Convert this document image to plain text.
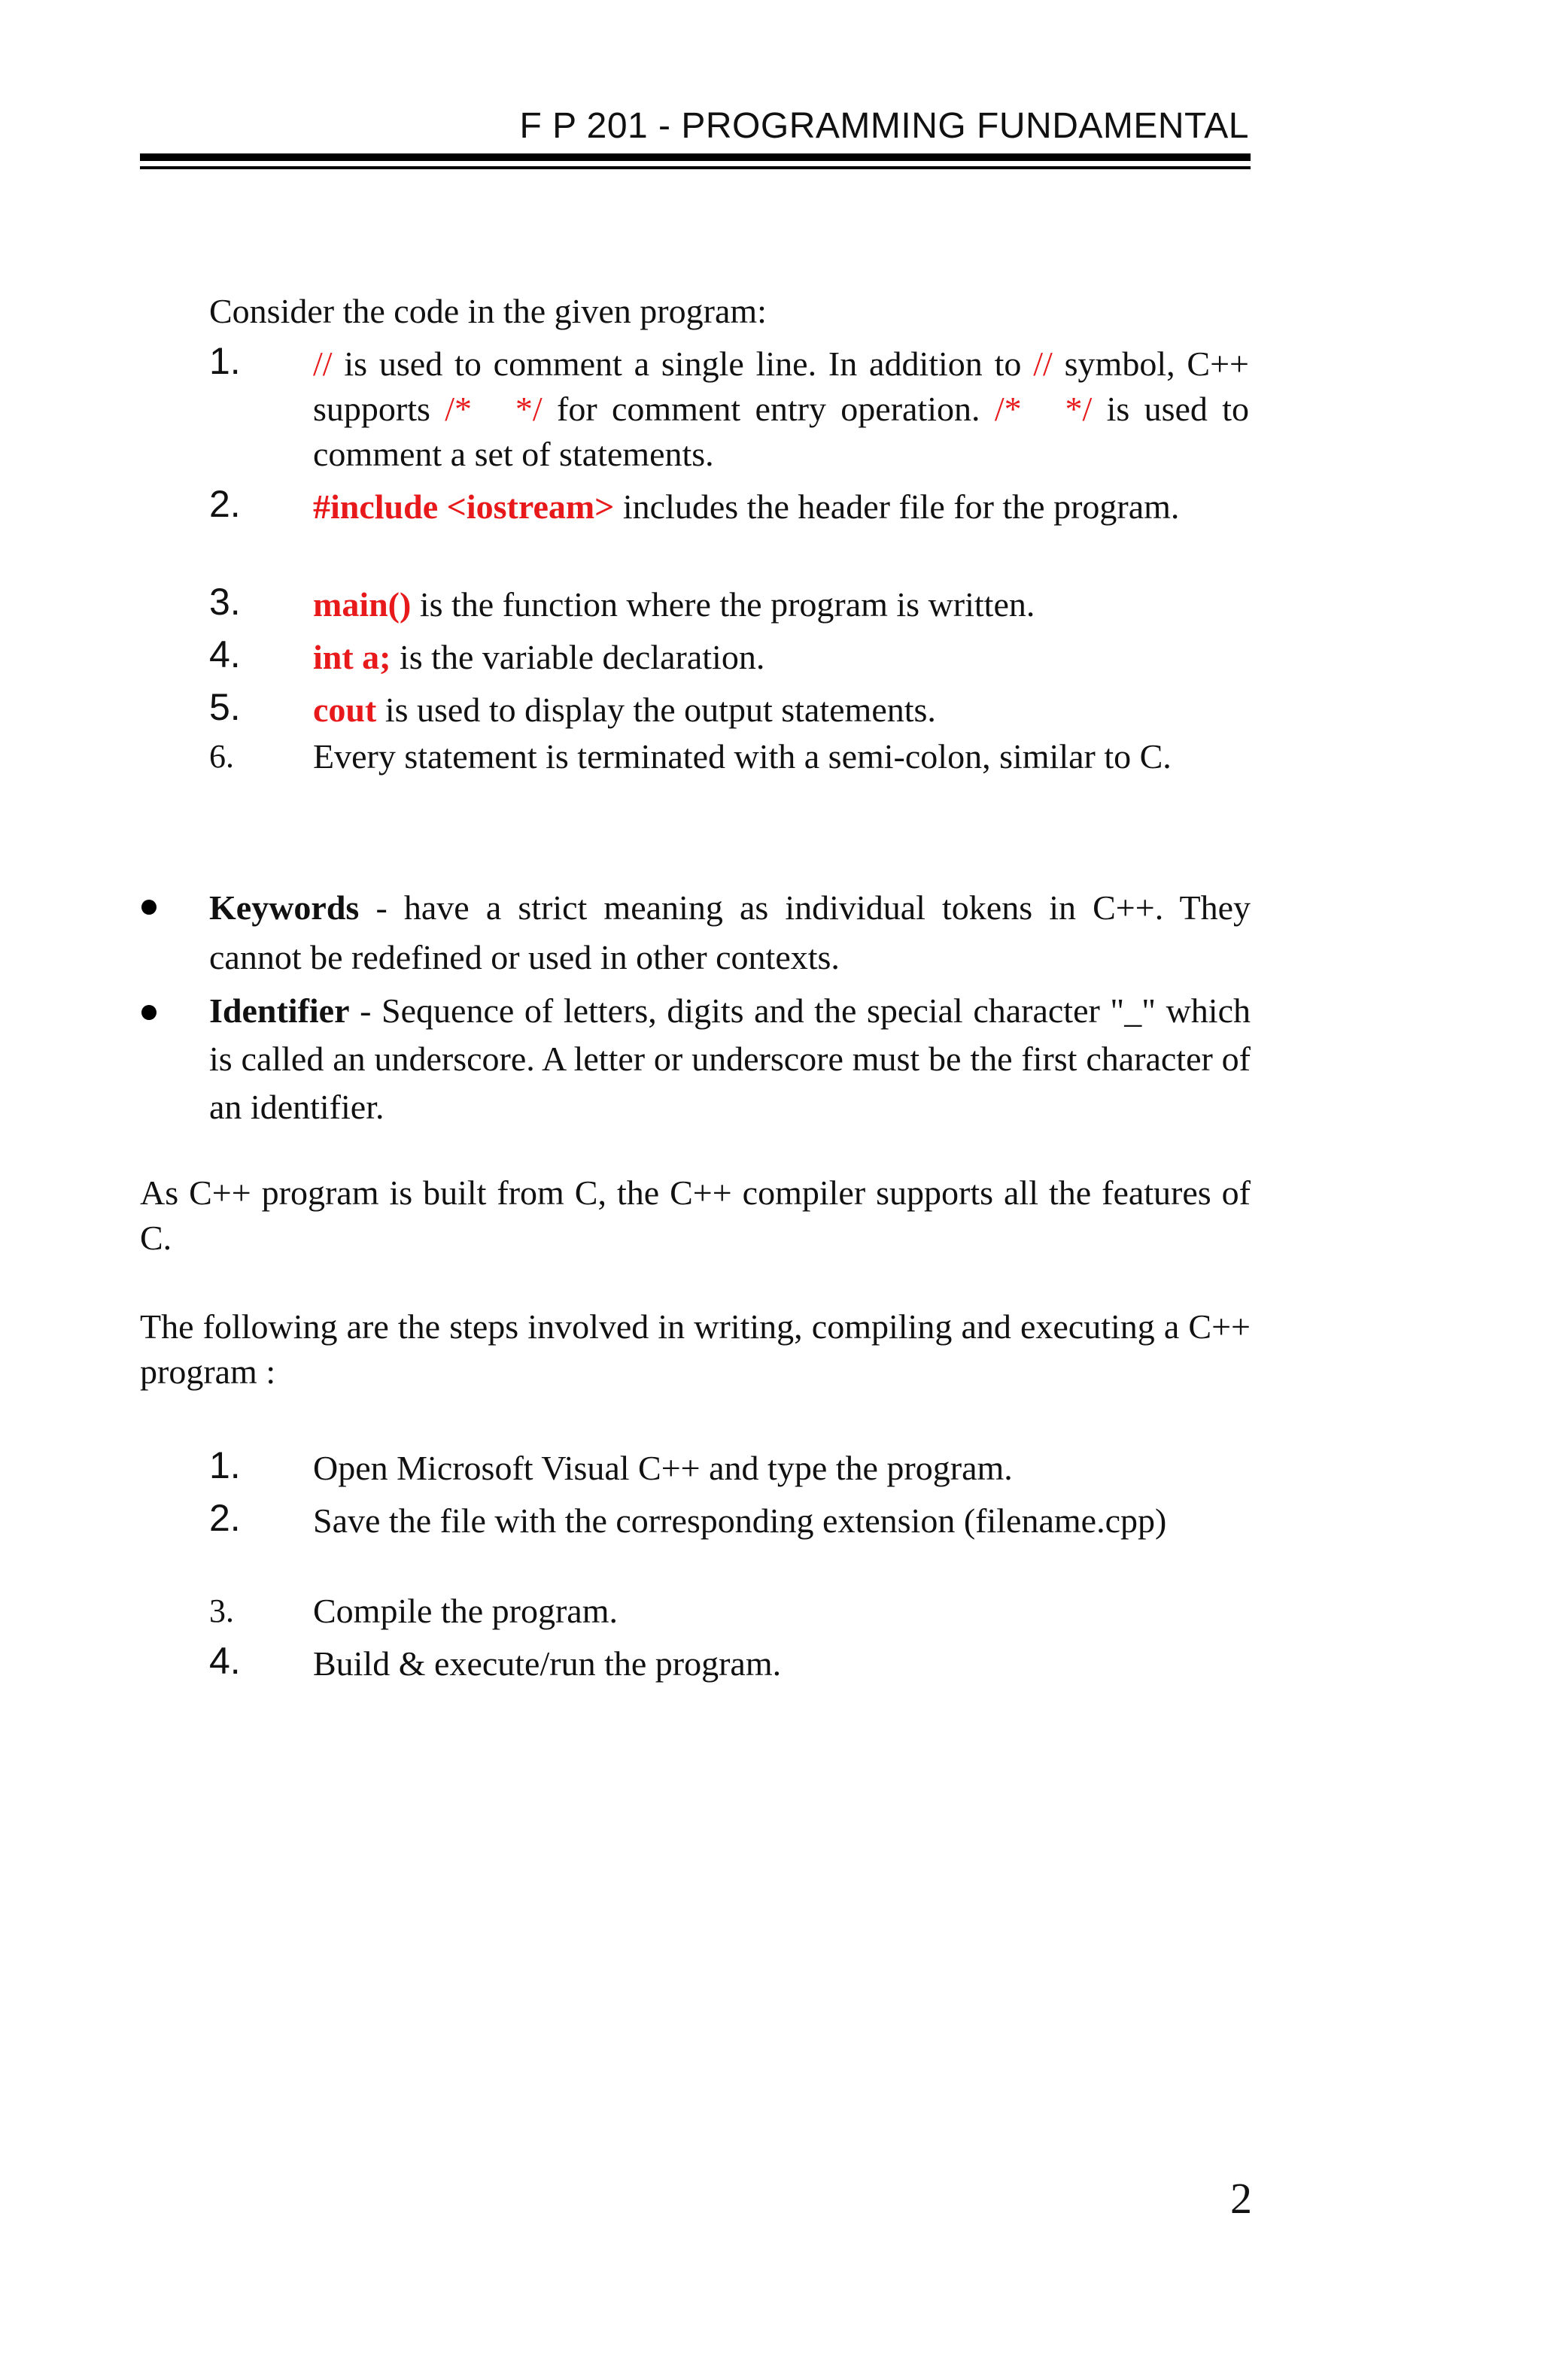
F P 201 - PROGRAMMING FUNDAMENTAL
Consider the code in the given program:
1. // is used to comment a single line. In addition to // symbol, C++ supports /*   */ for comment entry operation. /*   */ is used to comment a set of statements.
2. #include <iostream> includes the header file for the program.
3. main() is the function where the program is written.
4. int a; is the variable declaration.
5. cout is used to display the output statements.
6. Every statement is terminated with a semi-colon, similar to C.
Keywords - have a strict meaning as individual tokens in C++. They cannot be redefined or used in other contexts.
Identifier - Sequence of letters, digits and the special character "_" which is called an underscore. A letter or underscore must be the first character of an identifier.
As C++ program is built from C, the C++ compiler supports all the features of C.
The following are the steps involved in writing, compiling and executing a C++ program :
1. Open Microsoft Visual C++ and type the program.
2. Save the file with the corresponding extension (filename.cpp)
3. Compile the program.
4. Build & execute/run the program.
2
